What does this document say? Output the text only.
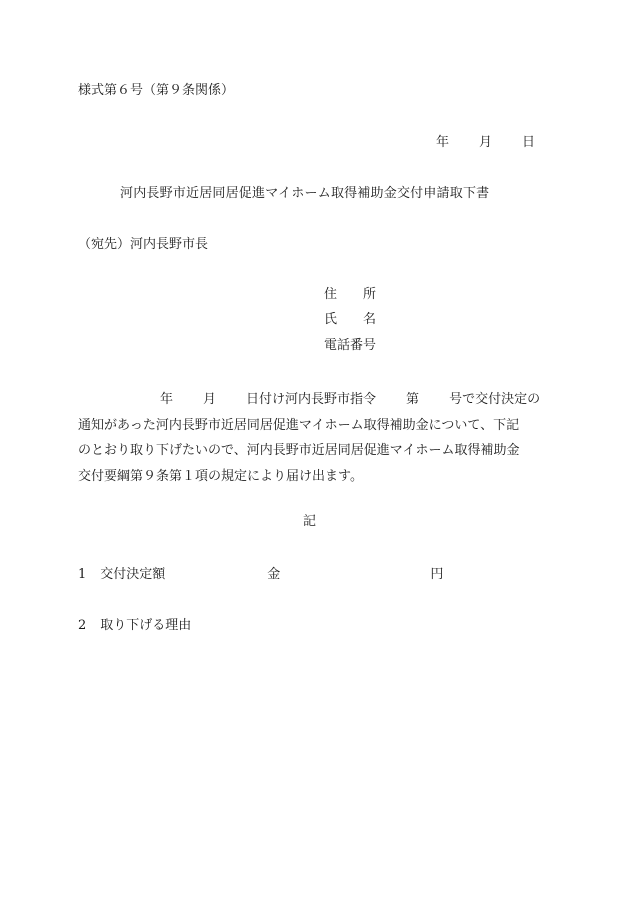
様式第６号（第９条関係）
年 月 日
河内長野市近居同居促進マイホーム取得補助金交付申請取下書
（宛先）河内長野市長
住 所
氏 名
電話番号
年 月 日付け河内長野市指令 第 号で交付決定の
通知があった河内長野市近居同居促進マイホーム取得補助金について、下記
のとおり取り下げたいので、河内長野市近居同居促進マイホーム取得補助金
交付要綱第９条第１項の規定により届け出ます。
記
1 交付決定額	金	円
2 取り下げる理由
